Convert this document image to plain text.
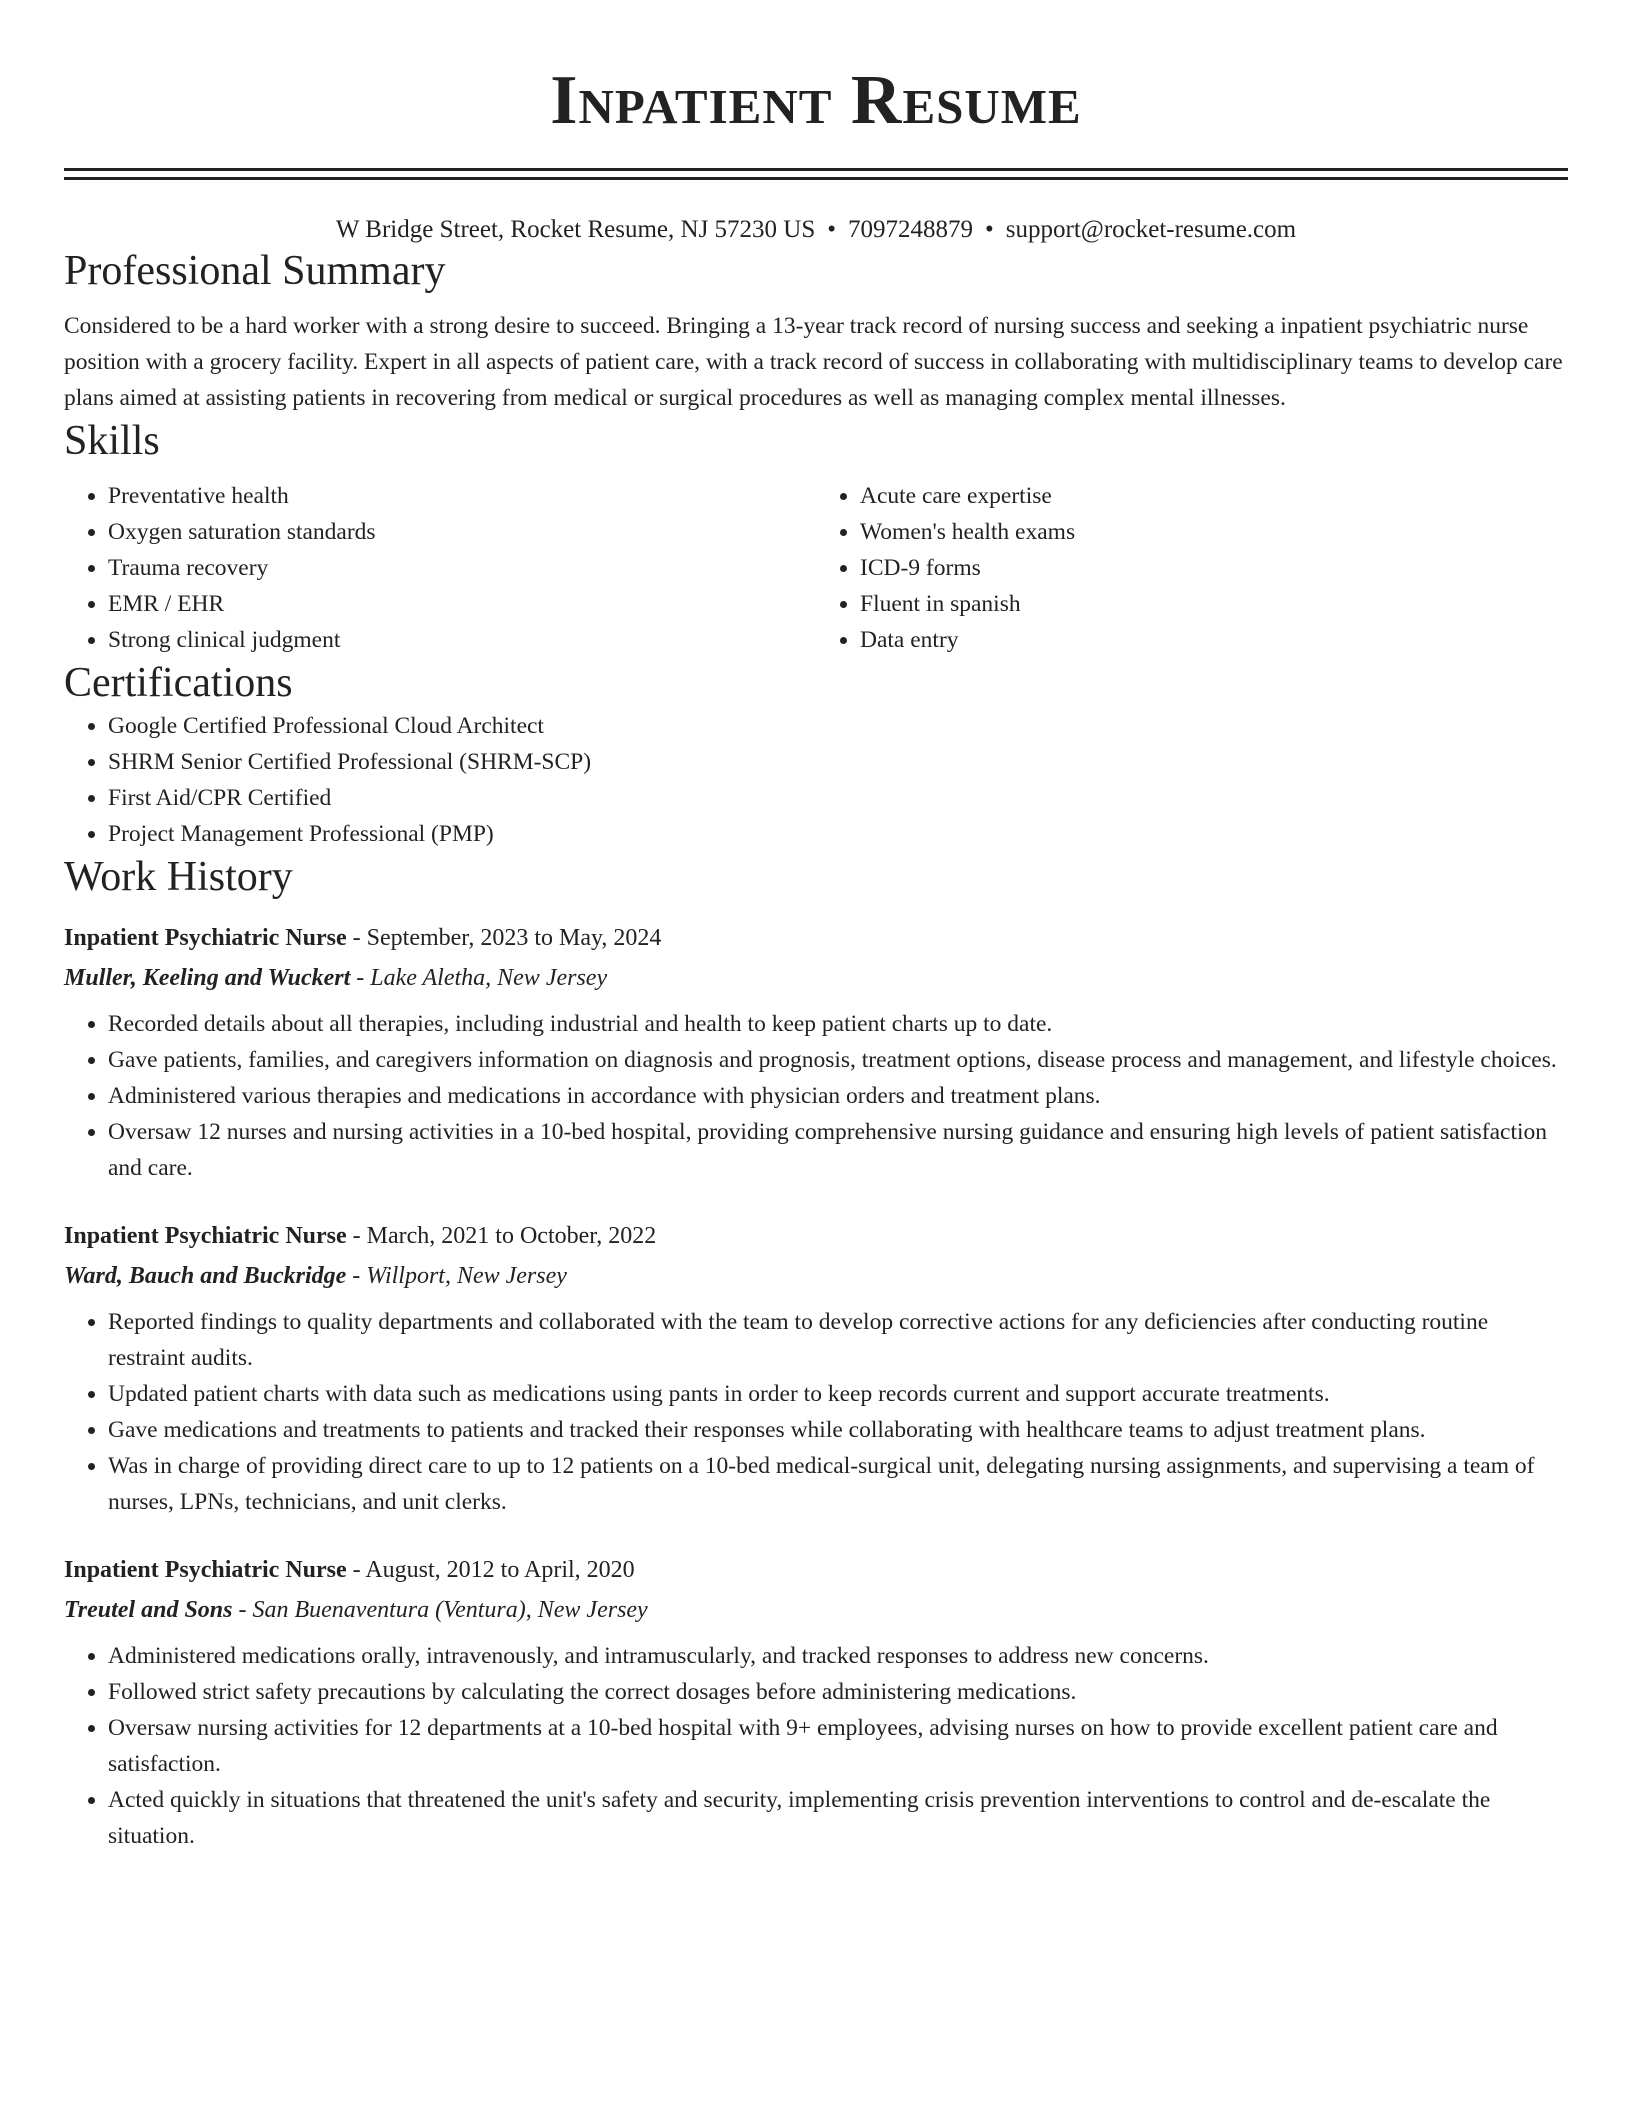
Inpatient Resume
W Bridge Street, Rocket Resume, NJ 57230 US • 7097248879 • support@rocket-resume.com
Professional Summary

Considered to be a hard worker with a strong desire to succeed. Bringing a 13-year track record of nursing success and seeking a inpatient psychiatric nurse position with a grocery facility. Expert in all aspects of patient care, with a track record of success in collaborating with multidisciplinary teams to develop care plans aimed at assisting patients in recovering from medical or surgical procedures as well as managing complex mental illnesses.

Skills
• Preventative health
• Oxygen saturation standards
• Trauma recovery
• EMR / EHR
• Strong clinical judgment
• Acute care expertise
• Women's health exams
• ICD-9 forms
• Fluent in spanish
• Data entry
Certifications
• Google Certified Professional Cloud Architect
• SHRM Senior Certified Professional (SHRM-SCP)
• First Aid/CPR Certified
• Project Management Professional (PMP)
Work History
Inpatient Psychiatric Nurse - September, 2023 to May, 2024
Muller, Keeling and Wuckert - Lake Aletha, New Jersey
• Recorded details about all therapies, including industrial and health to keep patient charts up to date.
• Gave patients, families, and caregivers information on diagnosis and prognosis, treatment options, disease process and management, and lifestyle choices.
• Administered various therapies and medications in accordance with physician orders and treatment plans.
• Oversaw 12 nurses and nursing activities in a 10-bed hospital, providing comprehensive nursing guidance and ensuring high levels of patient satisfaction and care.
Inpatient Psychiatric Nurse - March, 2021 to October, 2022
Ward, Bauch and Buckridge - Willport, New Jersey
• Reported findings to quality departments and collaborated with the team to develop corrective actions for any deficiencies after conducting routine restraint audits.
• Updated patient charts with data such as medications using pants in order to keep records current and support accurate treatments.
• Gave medications and treatments to patients and tracked their responses while collaborating with healthcare teams to adjust treatment plans.
• Was in charge of providing direct care to up to 12 patients on a 10-bed medical-surgical unit, delegating nursing assignments, and supervising a team of nurses, LPNs, technicians, and unit clerks.
Inpatient Psychiatric Nurse - August, 2012 to April, 2020
Treutel and Sons - San Buenaventura (Ventura), New Jersey
• Administered medications orally, intravenously, and intramuscularly, and tracked responses to address new concerns.
• Followed strict safety precautions by calculating the correct dosages before administering medications.
• Oversaw nursing activities for 12 departments at a 10-bed hospital with 9+ employees, advising nurses on how to provide excellent patient care and satisfaction.
• Acted quickly in situations that threatened the unit's safety and security, implementing crisis prevention interventions to control and de-escalate the situation.
